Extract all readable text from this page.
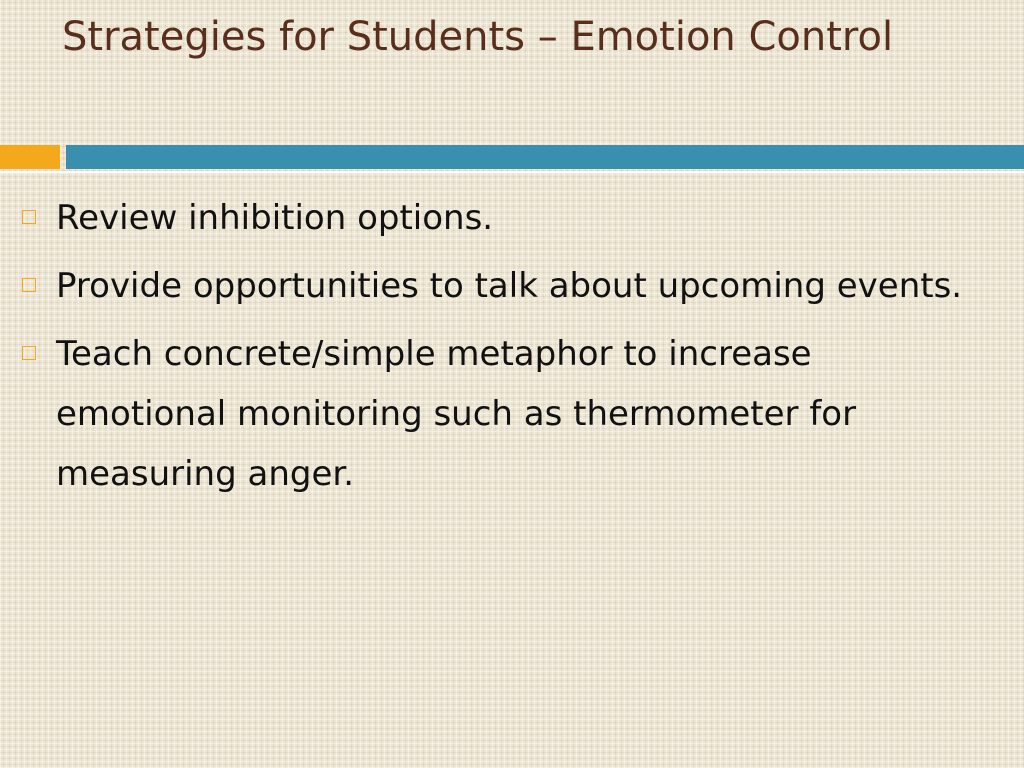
Strategies for Students – Emotion Control
Review inhibition options.
Provide opportunities to talk about upcoming events.
Teach concrete/simple metaphor to increase emotional monitoring such as thermometer for measuring anger.
